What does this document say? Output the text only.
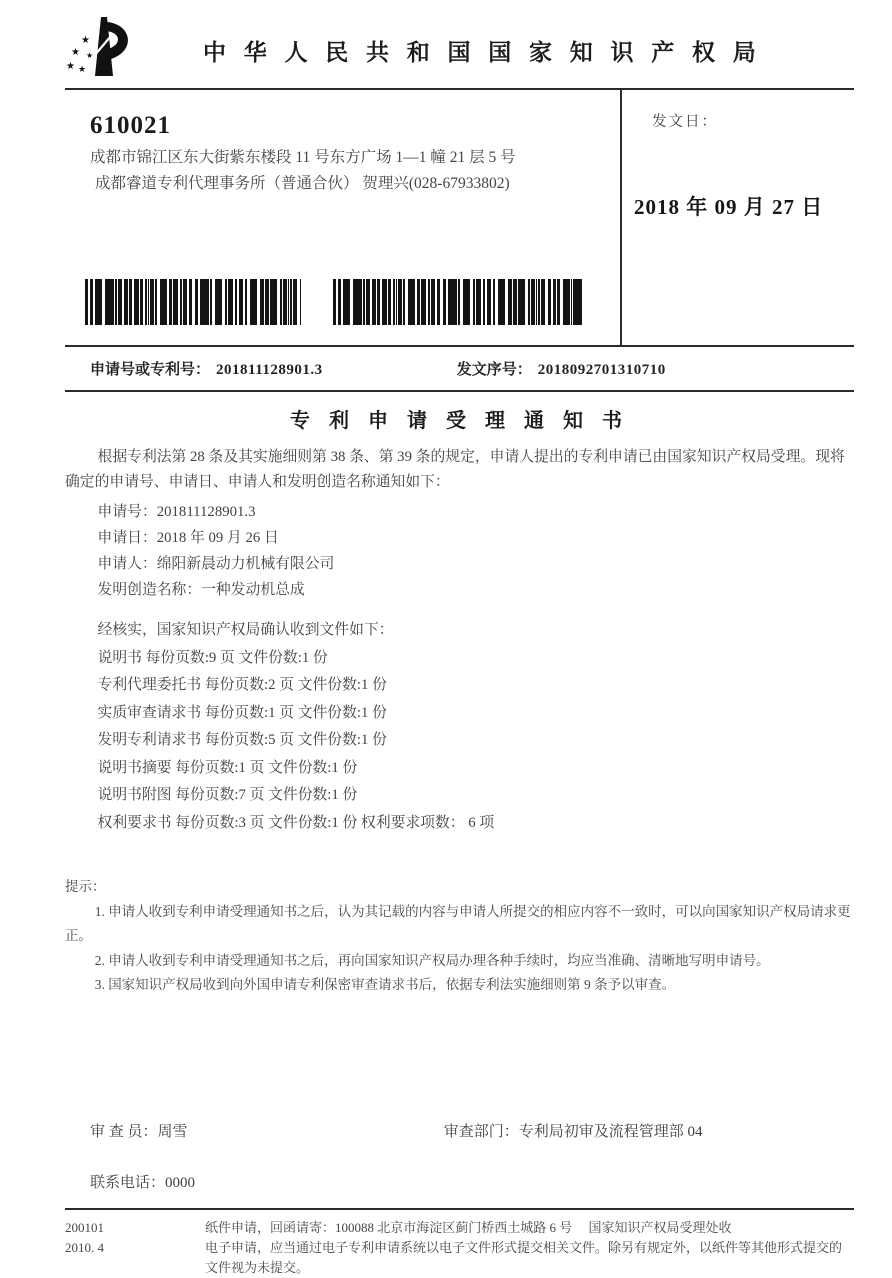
★
★ ★
★ ★
中 华 人 民 共 和 国 国 家 知 识 产 权 局
610021
成都市锦江区东大街紫东楼段 11 号东方广场 1—1 幢 21 层 5 号
成都睿道专利代理事务所（普通合伙） 贺理兴(028-67933802)
发文日：
2018 年 09 月 27 日
申请号或专利号： 201811128901.3	发文序号： 2018092701310710
专 利 申 请 受 理 通 知 书

根据专利法第 28 条及其实施细则第 38 条、第 39 条的规定，申请人提出的专利申请已由国家知识产权局受理。现将确定的申请号、申请日、申请人和发明创造名称通知如下：

申请号：201811128901.3
申请日：2018 年 09 月 26 日
申请人：绵阳新晨动力机械有限公司
发明创造名称：一种发动机总成
经核实，国家知识产权局确认收到文件如下：
说明书 每份页数:9 页 文件份数:1 份
专利代理委托书 每份页数:2 页 文件份数:1 份
实质审查请求书 每份页数:1 页 文件份数:1 份
发明专利请求书 每份页数:5 页 文件份数:1 份
说明书摘要 每份页数:1 页 文件份数:1 份
说明书附图 每份页数:7 页 文件份数:1 份
权利要求书 每份页数:3 页 文件份数:1 份 权利要求项数： 6 项
提示：
1. 申请人收到专利申请受理通知书之后，认为其记载的内容与申请人所提交的相应内容不一致时，可以向国家知识产权局请求更正。
2. 申请人收到专利申请受理通知书之后，再向国家知识产权局办理各种手续时，均应当准确、清晰地写明申请号。
3. 国家知识产权局收到向外国申请专利保密审查请求书后，依据专利法实施细则第 9 条予以审查。
审 查 员：周雪	审查部门：专利局初审及流程管理部 04
联系电话：0000
200101
2010. 4
纸件申请，回函请寄：100088 北京市海淀区蓟门桥西土城路 6 号　 国家知识产权局受理处收
电子申请，应当通过电子专利申请系统以电子文件形式提交相关文件。除另有规定外，以纸件等其他形式提交的文件视为未提交。
